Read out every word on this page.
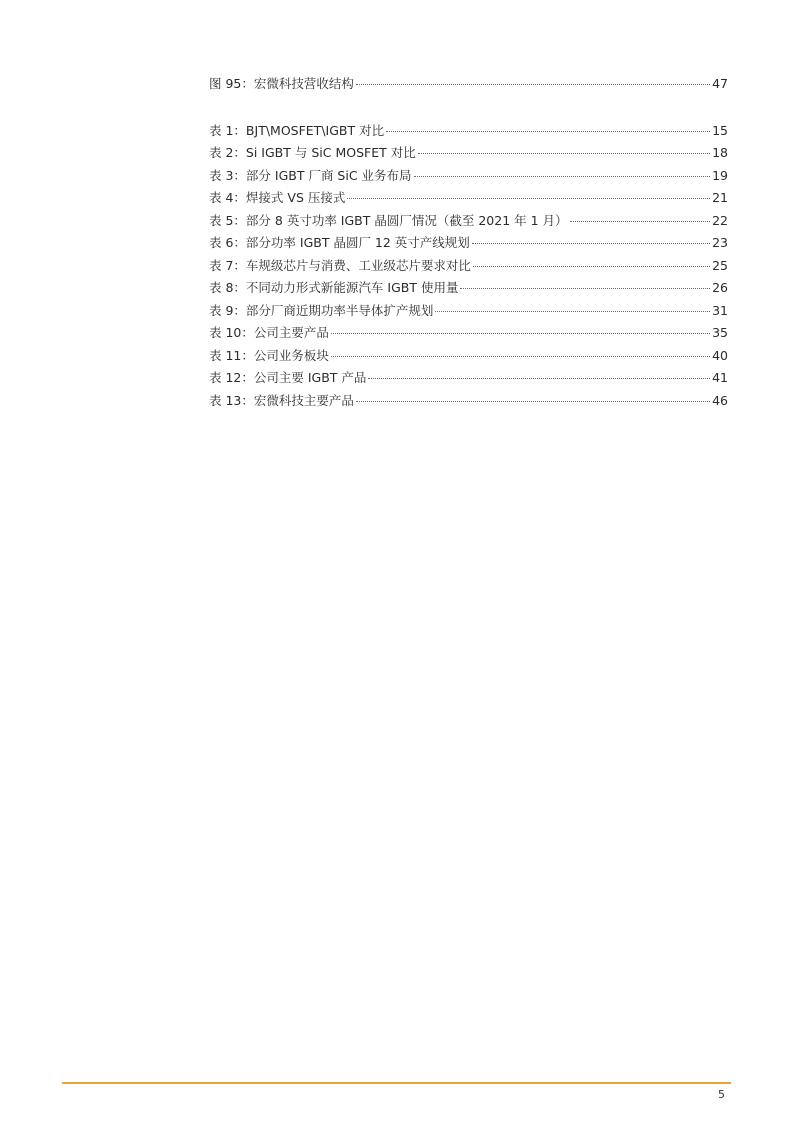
图 95：宏微科技营收结构	47
表 1：BJT\MOSFET\IGBT 对比	15
表 2：Si IGBT 与 SiC MOSFET 对比	18
表 3：部分 IGBT 厂商 SiC 业务布局	19
表 4：焊接式 VS 压接式	21
表 5：部分 8 英寸功率 IGBT 晶圆厂情况（截至 2021 年 1 月）	22
表 6：部分功率 IGBT 晶圆厂 12 英寸产线规划	23
表 7：车规级芯片与消费、工业级芯片要求对比	25
表 8：不同动力形式新能源汽车 IGBT 使用量	26
表 9：部分厂商近期功率半导体扩产规划	31
表 10：公司主要产品	35
表 11：公司业务板块	40
表 12：公司主要 IGBT 产品	41
表 13：宏微科技主要产品	46
5
